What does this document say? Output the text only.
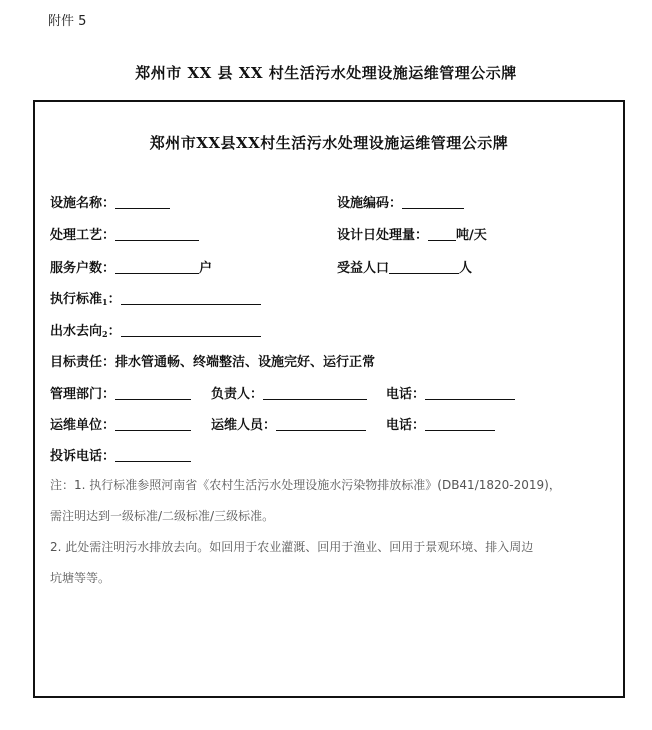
附件 5
郑州市 XX 县 XX 村生活污水处理设施运维管理公示牌
郑州市XX县XX村生活污水处理设施运维管理公示牌
设施名称：	设施编码：
处理工艺：	设计日处理量： 吨/天
服务户数：	户	受益人口	人
执行标准$_1$ ：
出水去向$_2$ ：
目标责任：排水管通畅、终端整洁、设施完好、运行正常
管理部门：	负责人：	电话：
运维单位：	运维人员：	电话：
投诉电话：
注：1. 执行标准参照河南省《农村生活污水处理设施水污染物排放标准》(DB41/1820-2019)，
需注明达到一级标准/二级标准/三级标准。
2. 此处需注明污水排放去向。如回用于农业灌溉、回用于渔业、回用于景观环境、排入周边
坑塘等等。
